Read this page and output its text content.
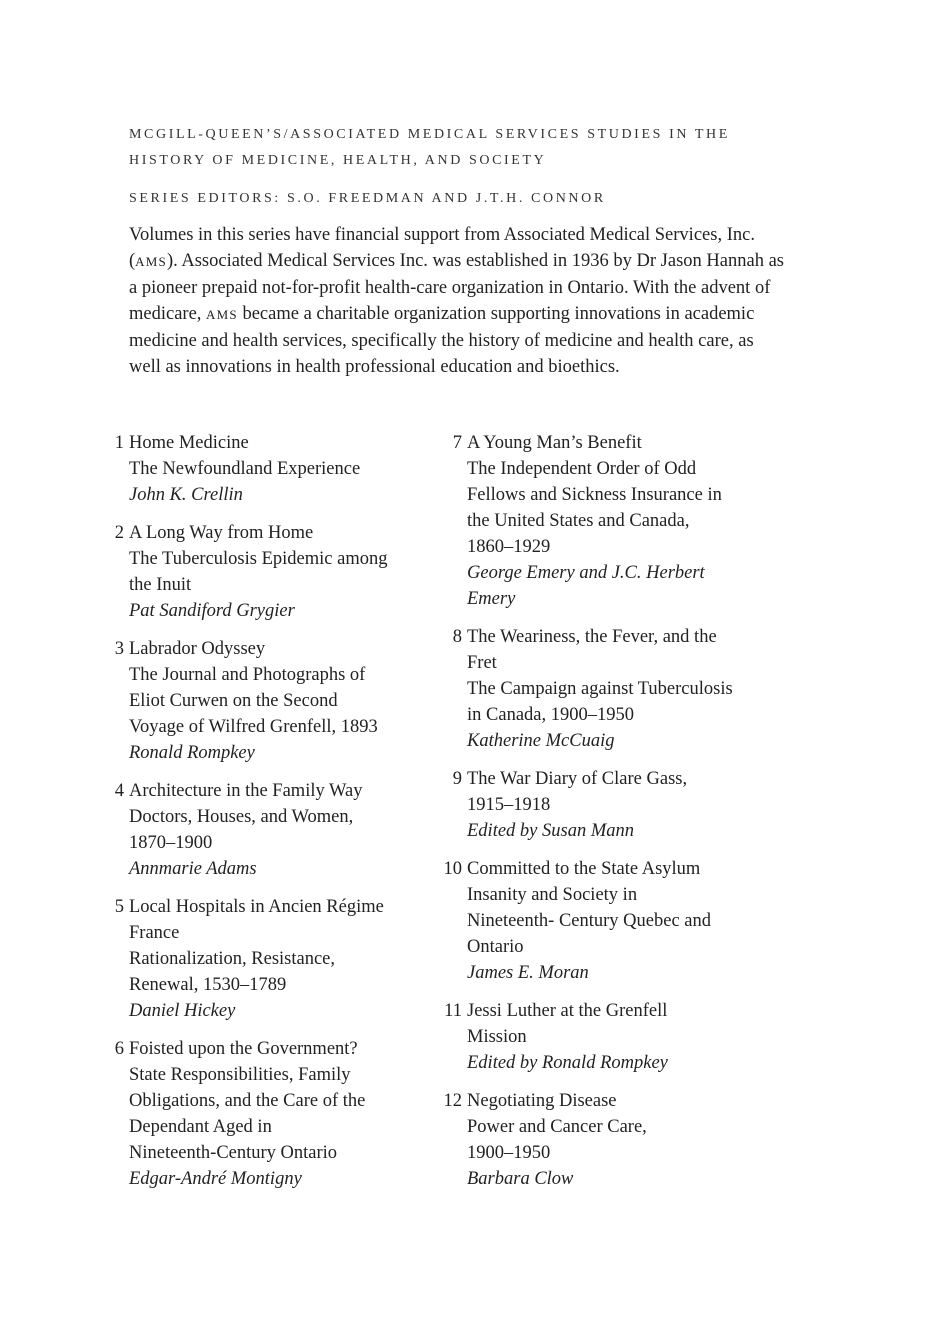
MCGILL-QUEEN’S/ASSOCIATED MEDICAL SERVICES STUDIES IN THE
HISTORY OF MEDICINE, HEALTH, AND SOCIETY
SERIES EDITORS: S.O. FREEDMAN AND J.T.H. CONNOR

Volumes in this series have financial support from Associated Medical Services, Inc. (AMS). Associated Medical Services Inc. was established in 1936 by Dr Jason Hannah as a pioneer prepaid not-for-profit health-care organization in Ontario. With the advent of medicare, AMS became a charitable organization supporting innovations in academic medicine and health services, specifically the history of medicine and health care, as well as innovations in health professional education and bioethics.

1 Home Medicine
The Newfoundland Experience
John K. Crellin
2 A Long Way from Home
The Tuberculosis Epidemic among
the Inuit
Pat Sandiford Grygier
3 Labrador Odyssey
The Journal and Photographs of
Eliot Curwen on the Second
Voyage of Wilfred Grenfell, 1893
Ronald Rompkey
4 Architecture in the Family Way
Doctors, Houses, and Women,
1870–1900
Annmarie Adams
5 Local Hospitals in Ancien Régime
France
Rationalization, Resistance,
Renewal, 1530–1789
Daniel Hickey
6 Foisted upon the Government?
State Responsibilities, Family
Obligations, and the Care of the
Dependant Aged in
Nineteenth-Century Ontario
Edgar-André Montigny
7 A Young Man’s Benefit
The Independent Order of Odd
Fellows and Sickness Insurance in
the United States and Canada,
1860–1929
George Emery and J.C. Herbert
Emery
8 The Weariness, the Fever, and the
Fret
The Campaign against Tuberculosis
in Canada, 1900–1950
Katherine McCuaig
9 The War Diary of Clare Gass,
1915–1918
Edited by Susan Mann
10 Committed to the State Asylum
Insanity and Society in
Nineteenth- Century Quebec and
Ontario
James E. Moran
11 Jessi Luther at the Grenfell
Mission
Edited by Ronald Rompkey
12 Negotiating Disease
Power and Cancer Care,
1900–1950
Barbara Clow
